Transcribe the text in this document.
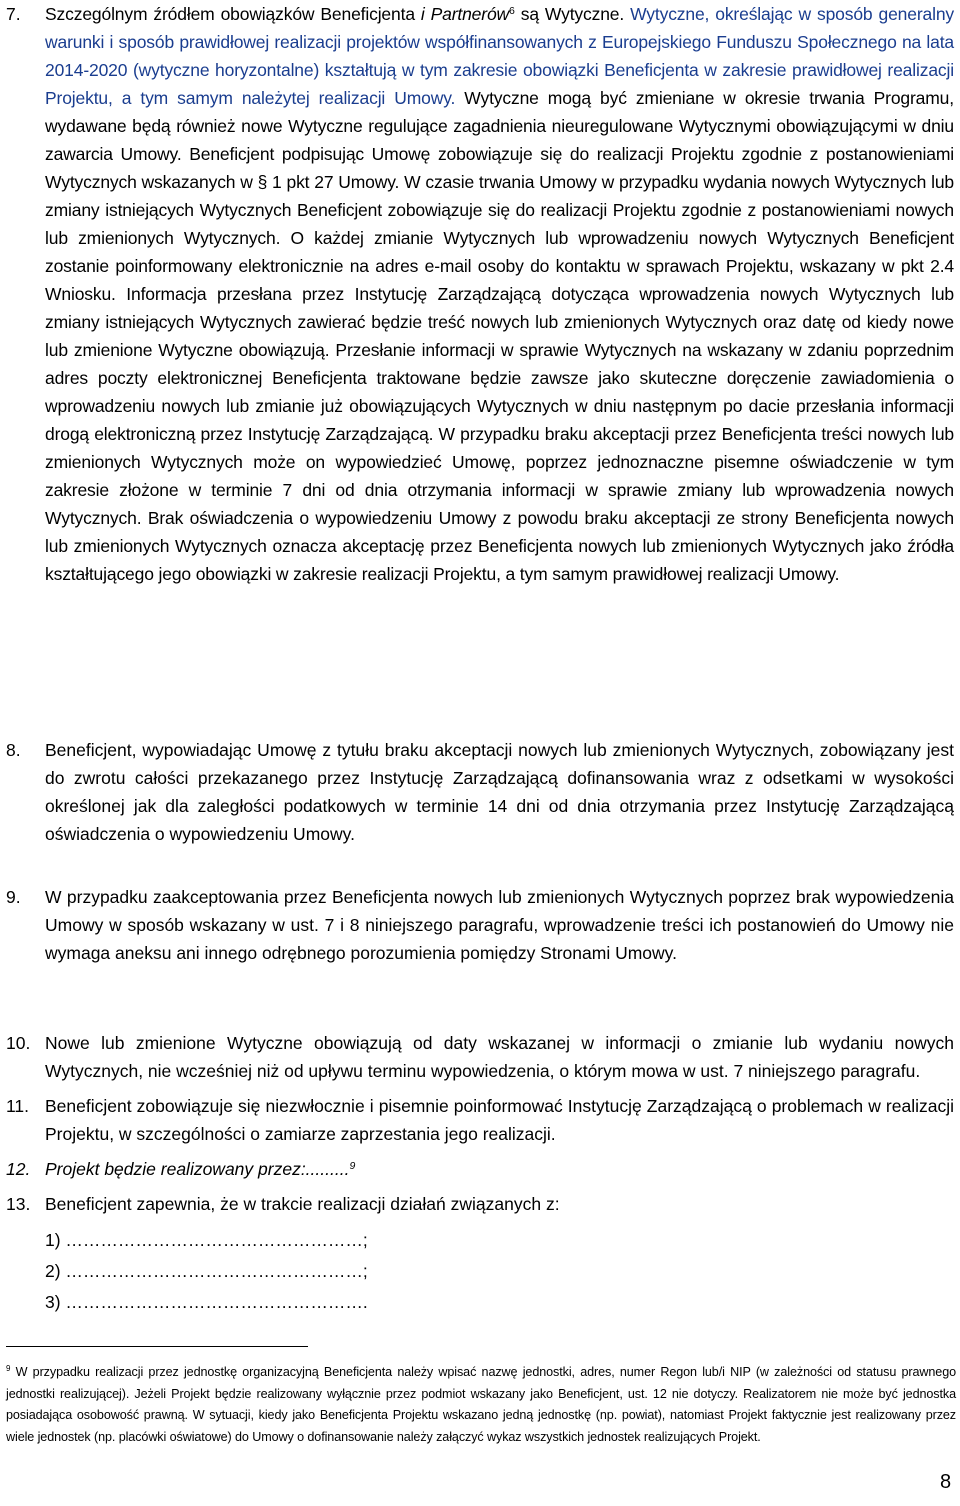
7. Szczególnym źródłem obowiązków Beneficjenta i Partnerów$^6$ są Wytyczne. Wytyczne, określając w sposób generalny warunki i sposób prawidłowej realizacji projektów współfinansowanych z Europejskiego Funduszu Społecznego na lata 2014-2020 (wytyczne horyzontalne) kształtują w tym zakresie obowiązki Beneficjenta w zakresie prawidłowej realizacji Projektu, a tym samym należytej realizacji Umowy. Wytyczne mogą być zmieniane w okresie trwania Programu, wydawane będą również nowe Wytyczne regulujące zagadnienia nieuregulowane Wytycznymi obowiązującymi w dniu zawarcia Umowy. Beneficjent podpisując Umowę zobowiązuje się do realizacji Projektu zgodnie z postanowieniami Wytycznych wskazanych w § 1 pkt 27 Umowy. W czasie trwania Umowy w przypadku wydania nowych Wytycznych lub zmiany istniejących Wytycznych Beneficjent zobowiązuje się do realizacji Projektu zgodnie z postanowieniami nowych lub zmienionych Wytycznych. O każdej zmianie Wytycznych lub wprowadzeniu nowych Wytycznych Beneficjent zostanie poinformowany elektronicznie na adres e-mail osoby do kontaktu w sprawach Projektu, wskazany w pkt 2.4 Wniosku. Informacja przesłana przez Instytucję Zarządzającą dotycząca wprowadzenia nowych Wytycznych lub zmiany istniejących Wytycznych zawierać będzie treść nowych lub zmienionych Wytycznych oraz datę od kiedy nowe lub zmienione Wytyczne obowiązują. Przesłanie informacji w sprawie Wytycznych na wskazany w zdaniu poprzednim adres poczty elektronicznej Beneficjenta traktowane będzie zawsze jako skuteczne doręczenie zawiadomienia o wprowadzeniu nowych lub zmianie już obowiązujących Wytycznych w dniu następnym po dacie przesłania informacji drogą elektroniczną przez Instytucję Zarządzającą. W przypadku braku akceptacji przez Beneficjenta treści nowych lub zmienionych Wytycznych może on wypowiedzieć Umowę, poprzez jednoznaczne pisemne oświadczenie w tym zakresie złożone w terminie 7 dni od dnia otrzymania informacji w sprawie zmiany lub wprowadzenia nowych Wytycznych. Brak oświadczenia o wypowiedzeniu Umowy z powodu braku akceptacji ze strony Beneficjenta nowych lub zmienionych Wytycznych oznacza akceptację przez Beneficjenta nowych lub zmienionych Wytycznych jako źródła kształtującego jego obowiązki w zakresie realizacji Projektu, a tym samym prawidłowej realizacji Umowy.
8. Beneficjent, wypowiadając Umowę z tytułu braku akceptacji nowych lub zmienionych Wytycznych, zobowiązany jest do zwrotu całości przekazanego przez Instytucję Zarządzającą dofinansowania wraz z odsetkami w wysokości określonej jak dla zaległości podatkowych w terminie 14 dni od dnia otrzymania przez Instytucję Zarządzającą oświadczenia o wypowiedzeniu Umowy.
9. W przypadku zaakceptowania przez Beneficjenta nowych lub zmienionych Wytycznych poprzez brak wypowiedzenia Umowy w sposób wskazany w ust. 7 i 8 niniejszego paragrafu, wprowadzenie treści ich postanowień do Umowy nie wymaga aneksu ani innego odrębnego porozumienia pomiędzy Stronami Umowy.
10. Nowe lub zmienione Wytyczne obowiązują od daty wskazanej w informacji o zmianie lub wydaniu nowych Wytycznych, nie wcześniej niż od upływu terminu wypowiedzenia, o którym mowa w ust. 7 niniejszego paragrafu.
11. Beneficjent zobowiązuje się niezwłocznie i pisemnie poinformować Instytucję Zarządzającą o problemach w realizacji Projektu, w szczególności o zamiarze zaprzestania jego realizacji.
12. Projekt będzie realizowany przez:.........$^9$
13. Beneficjent zapewnia, że w trakcie realizacji działań związanych z:
1) ……………………………………………;
2) ……………………………………………;
3) …………………………………………….
$^9$ W przypadku realizacji przez jednostkę organizacyjną Beneficjenta należy wpisać nazwę jednostki, adres, numer Regon lub/i NIP (w zależności od statusu prawnego jednostki realizującej). Jeżeli Projekt będzie realizowany wyłącznie przez podmiot wskazany jako Beneficjent, ust. 12 nie dotyczy. Realizatorem nie może być jednostka posiadająca osobowość prawną. W sytuacji, kiedy jako Beneficjenta Projektu wskazano jedną jednostkę (np. powiat), natomiast Projekt faktycznie jest realizowany przez wiele jednostek (np. placówki oświatowe) do Umowy o dofinansowanie należy załączyć wykaz wszystkich jednostek realizujących Projekt.
8
